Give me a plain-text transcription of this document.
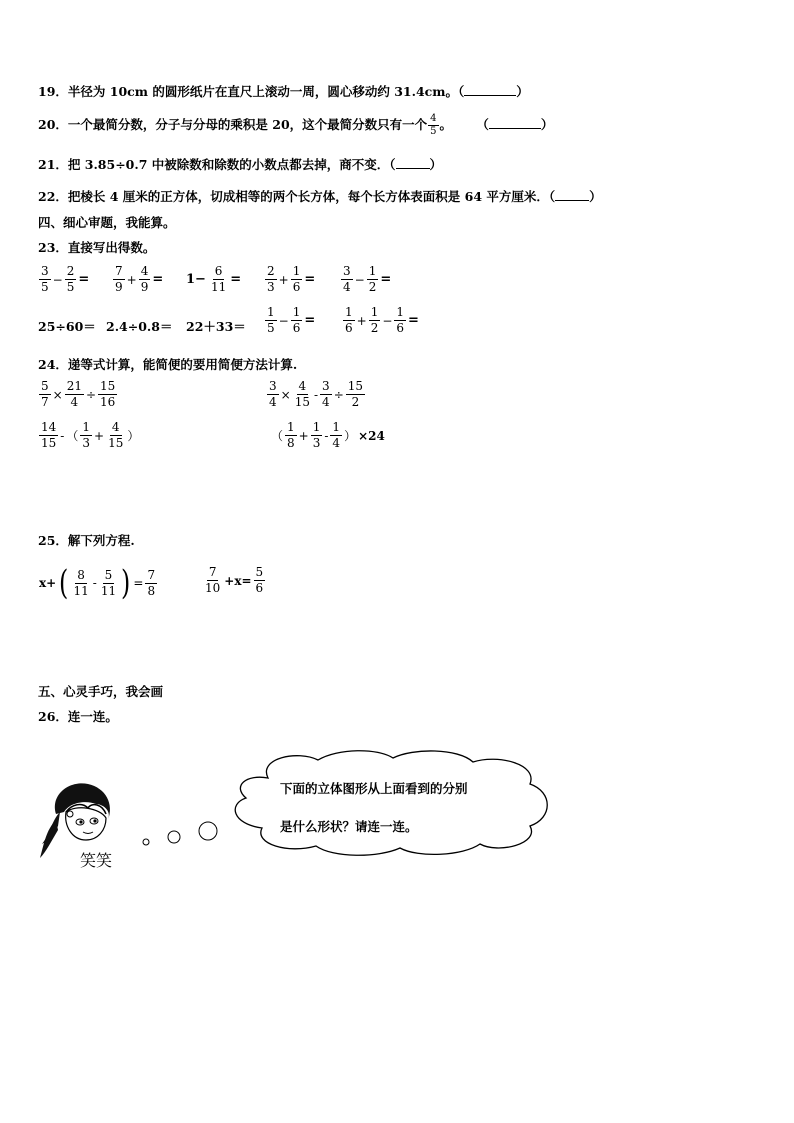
19．半径为 10cm 的圆形纸片在直尺上滚动一周，圆心移动约 31.4cm。（	）
20．一个最简分数，分子与分母的乘积是 20，这个最简分数只有一个 $\frac{4}{5}$ 。 （	）
21．把 3.85÷0.7 中被除数和除数的小数点都去掉，商不变．（	）
22．把棱长 4 厘米的正方体，切成相等的两个长方体，每个长方体表面积是 64 平方厘米．（	）
四、细心审题，我能算。
23．直接写出得数。
$\frac{3}{5} - \frac{2}{5} = \frac{7}{9} + \frac{4}{9} = 1- \frac{6}{11} = \frac{2}{3} + \frac{1}{6} = \frac{3}{4} - \frac{1}{2}$ =
$25\div 60= 2.4\div 0.8= 22+33= \frac{1}{5} - \frac{1}{6} = \frac{1}{6} + \frac{1}{2} - \frac{1}{6}$ =
24．递等式计算，能简便的要用简便方法计算.
$\frac{5}{7} \times \frac{21}{4} \div \frac{15}{16}$	$\frac{3}{4} \times \frac{4}{15} - \frac{3}{4} \div \frac{15}{2}$
$\frac{14}{15}$ - （ $\frac{1}{3} + \frac{4}{15}$ ）	（ $\frac{1}{8} + \frac{1}{3} - \frac{1}{4}$ ） ×24
25．解下列方程.
x+ ( $\frac{8}{11} - \frac{5}{11}$ ) = $\frac{7}{8}$	$\frac{7}{10} +x= \frac{5}{6}$
五、心灵手巧，我会画
26．连一连。
笑笑
下面的立体图形从上面看到的分别
是什么形状？请连一连。
